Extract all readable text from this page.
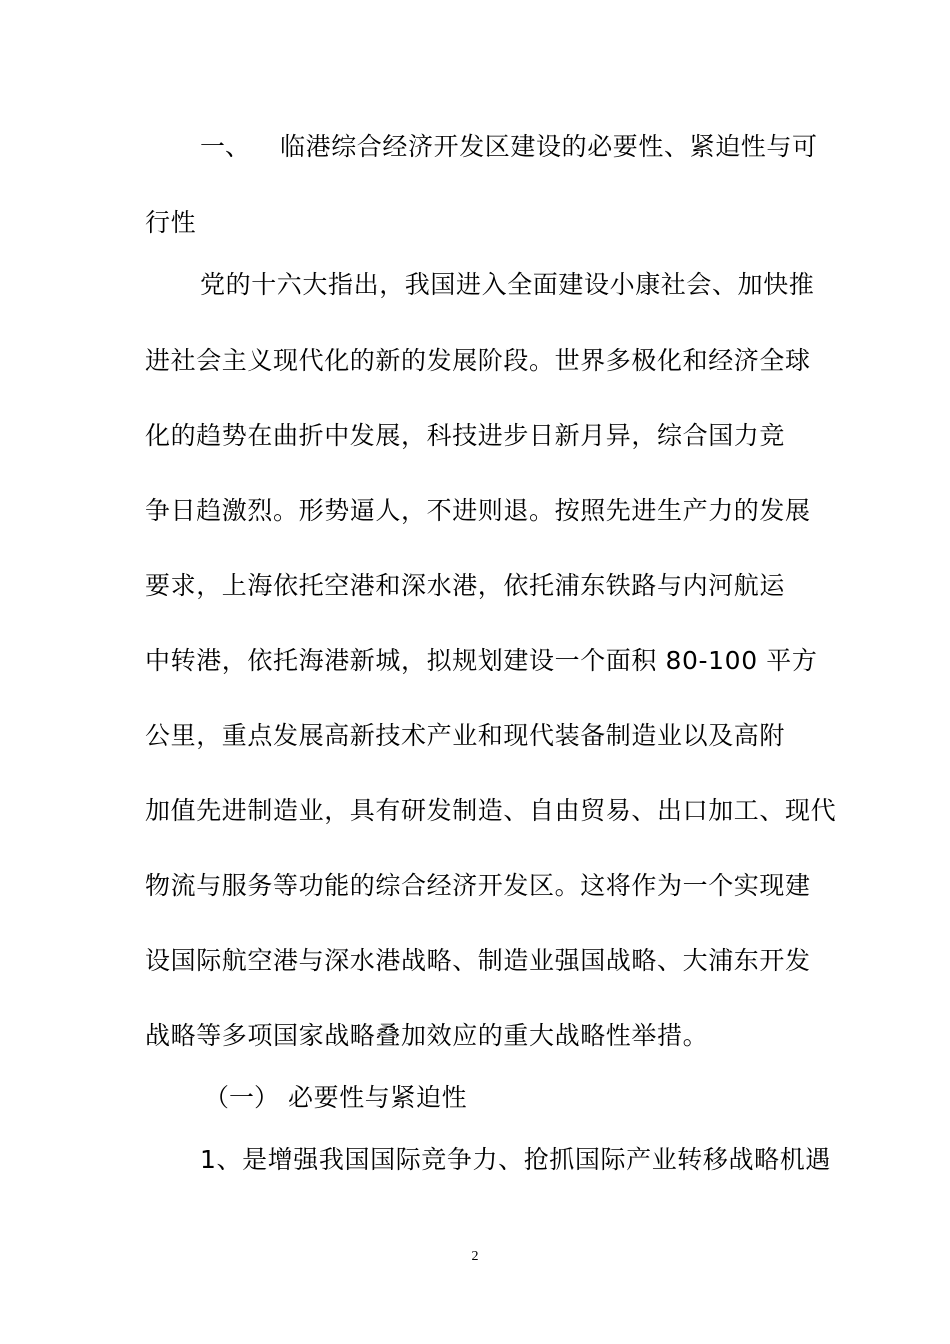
一、 临港综合经济开发区建设的必要性、紧迫性与可
行性
党的十六大指出，我国进入全面建设小康社会、加快推
进社会主义现代化的新的发展阶段。世界多极化和经济全球
化的趋势在曲折中发展，科技进步日新月异，综合国力竞
争日趋激烈。形势逼人，不进则退。按照先进生产力的发展
要求，上海依托空港和深水港，依托浦东铁路与内河航运
中转港，依托海港新城，拟规划建设一个面积 80-100 平方
公里，重点发展高新技术产业和现代装备制造业以及高附
加值先进制造业，具有研发制造、自由贸易、出口加工、现代
物流与服务等功能的综合经济开发区。这将作为一个实现建
设国际航空港与深水港战略、制造业强国战略、大浦东开发
战略等多项国家战略叠加效应的重大战略性举措。
（一） 必要性与紧迫性
1、是增强我国国际竞争力、抢抓国际产业转移战略机遇
2
